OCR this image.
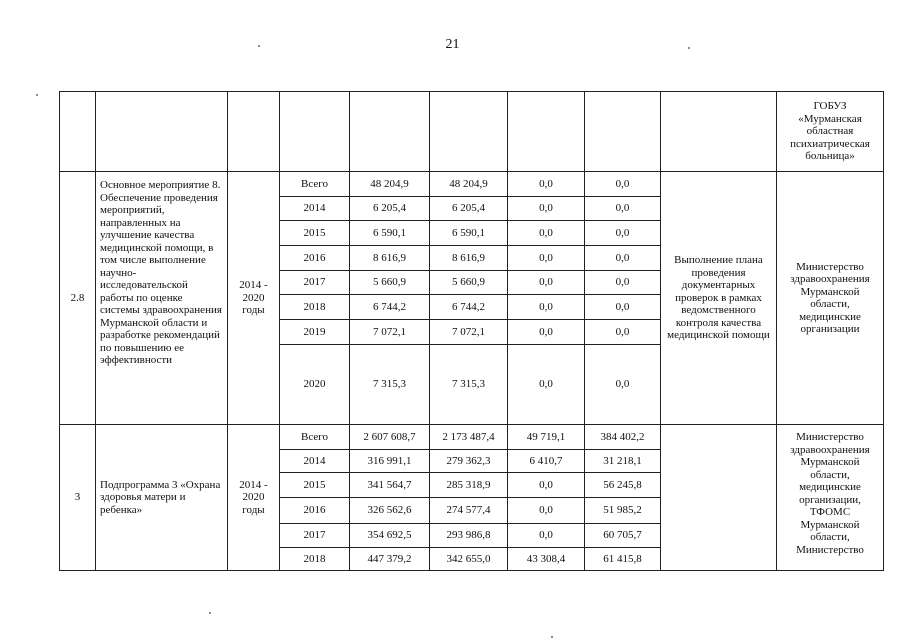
21
									ГОБУЗ «Мурманская областная психиатрическая больница»
2.8	Основное мероприятие 8. Обеспечение проведения мероприятий, направленных на улучшение качества медицинской помощи, в том числе выполнение научно-исследовательской работы по оценке системы здравоохранения Мурманской области и разработке рекомендаций по повышению ее эффективности	2014 - 2020 годы	Всего	48 204,9	48 204,9	0,0	0,0	Выполнение плана проведения документарных проверок в рамках ведомственного контроля качества медицинской помощи	Министерство здравоохранения Мурманской области, медицинские организации
			2014	6 205,4	6 205,4	0,0	0,0		
			2015	6 590,1	6 590,1	0,0	0,0		
			2016	8 616,9	8 616,9	0,0	0,0		
			2017	5 660,9	5 660,9	0,0	0,0		
			2018	6 744,2	6 744,2	0,0	0,0		
			2019	7 072,1	7 072,1	0,0	0,0		
			2020	7 315,3	7 315,3	0,0	0,0		
3	Подпрограмма 3 «Охрана здоровья матери и ребенка»	2014 - 2020 годы	Всего	2 607 608,7	2 173 487,4	49 719,1	384 402,2		Министерство здравоохранения Мурманской области, медицинские организации, ТФОМС Мурманской области, Министерство
			2014	316 991,1	279 362,3	6 410,7	31 218,1		
			2015	341 564,7	285 318,9	0,0	56 245,8		
			2016	326 562,6	274 577,4	0,0	51 985,2		
			2017	354 692,5	293 986,8	0,0	60 705,7		
			2018	447 379,2	342 655,0	43 308,4	61 415,8		
